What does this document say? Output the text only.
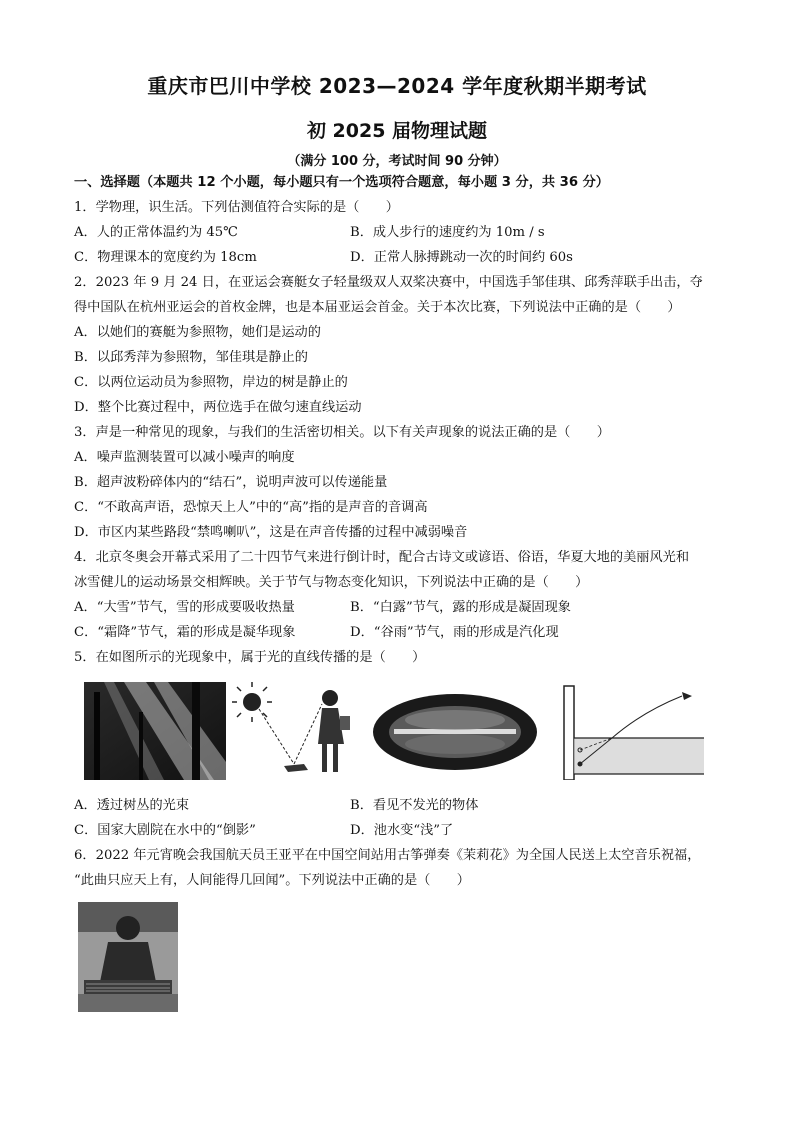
重庆市巴川中学校 2023—2024 学年度秋期半期考试
初 2025 届物理试题
（满分 100 分，考试时间 90 分钟）
一、选择题（本题共 12 个小题，每小题只有一个选项符合题意，每小题 3 分，共 36 分）
1．学物理，识生活。下列估测值符合实际的是（　　）
A．人的正常体温约为 45℃	B．成人步行的速度约为 10m / s
C．物理课本的宽度约为 18cm	D．正常人脉搏跳动一次的时间约 60s
2．2023 年 9 月 24 日，在亚运会赛艇女子轻量级双人双桨决赛中，中国选手邹佳琪、邱秀萍联手出击，夺
得中国队在杭州亚运会的首枚金牌，也是本届亚运会首金。关于本次比赛，下列说法中正确的是（　　）
A．以她们的赛艇为参照物，她们是运动的
B．以邱秀萍为参照物，邹佳琪是静止的
C．以两位运动员为参照物，岸边的树是静止的
D．整个比赛过程中，两位选手在做匀速直线运动
3．声是一种常见的现象，与我们的生活密切相关。以下有关声现象的说法正确的是（　　）
A．噪声监测装置可以减小噪声的响度
B．超声波粉碎体内的“结石”，说明声波可以传递能量
C．“不敢高声语，恐惊天上人”中的“高”指的是声音的音调高
D．市区内某些路段“禁鸣喇叭”，这是在声音传播的过程中减弱噪音
4．北京冬奥会开幕式采用了二十四节气来进行倒计时，配合古诗文或谚语、俗语，华夏大地的美丽风光和
冰雪健儿的运动场景交相辉映。关于节气与物态变化知识，下列说法中正确的是（　　）
A．“大雪”节气，雪的形成要吸收热量	B．“白露”节气，露的形成是凝固现象
C．“霜降”节气，霜的形成是凝华现象	D．“谷雨”节气，雨的形成是汽化现
5．在如图所示的光现象中，属于光的直线传播的是（　　）
A．透过树丛的光束	B．看见不发光的物体
C．国家大剧院在水中的“倒影”	D．池水变“浅”了
6．2022 年元宵晚会我国航天员王亚平在中国空间站用古筝弹奏《茉莉花》为全国人民送上太空音乐祝福，
“此曲只应天上有，人间能得几回闻”。下列说法中正确的是（　　）
